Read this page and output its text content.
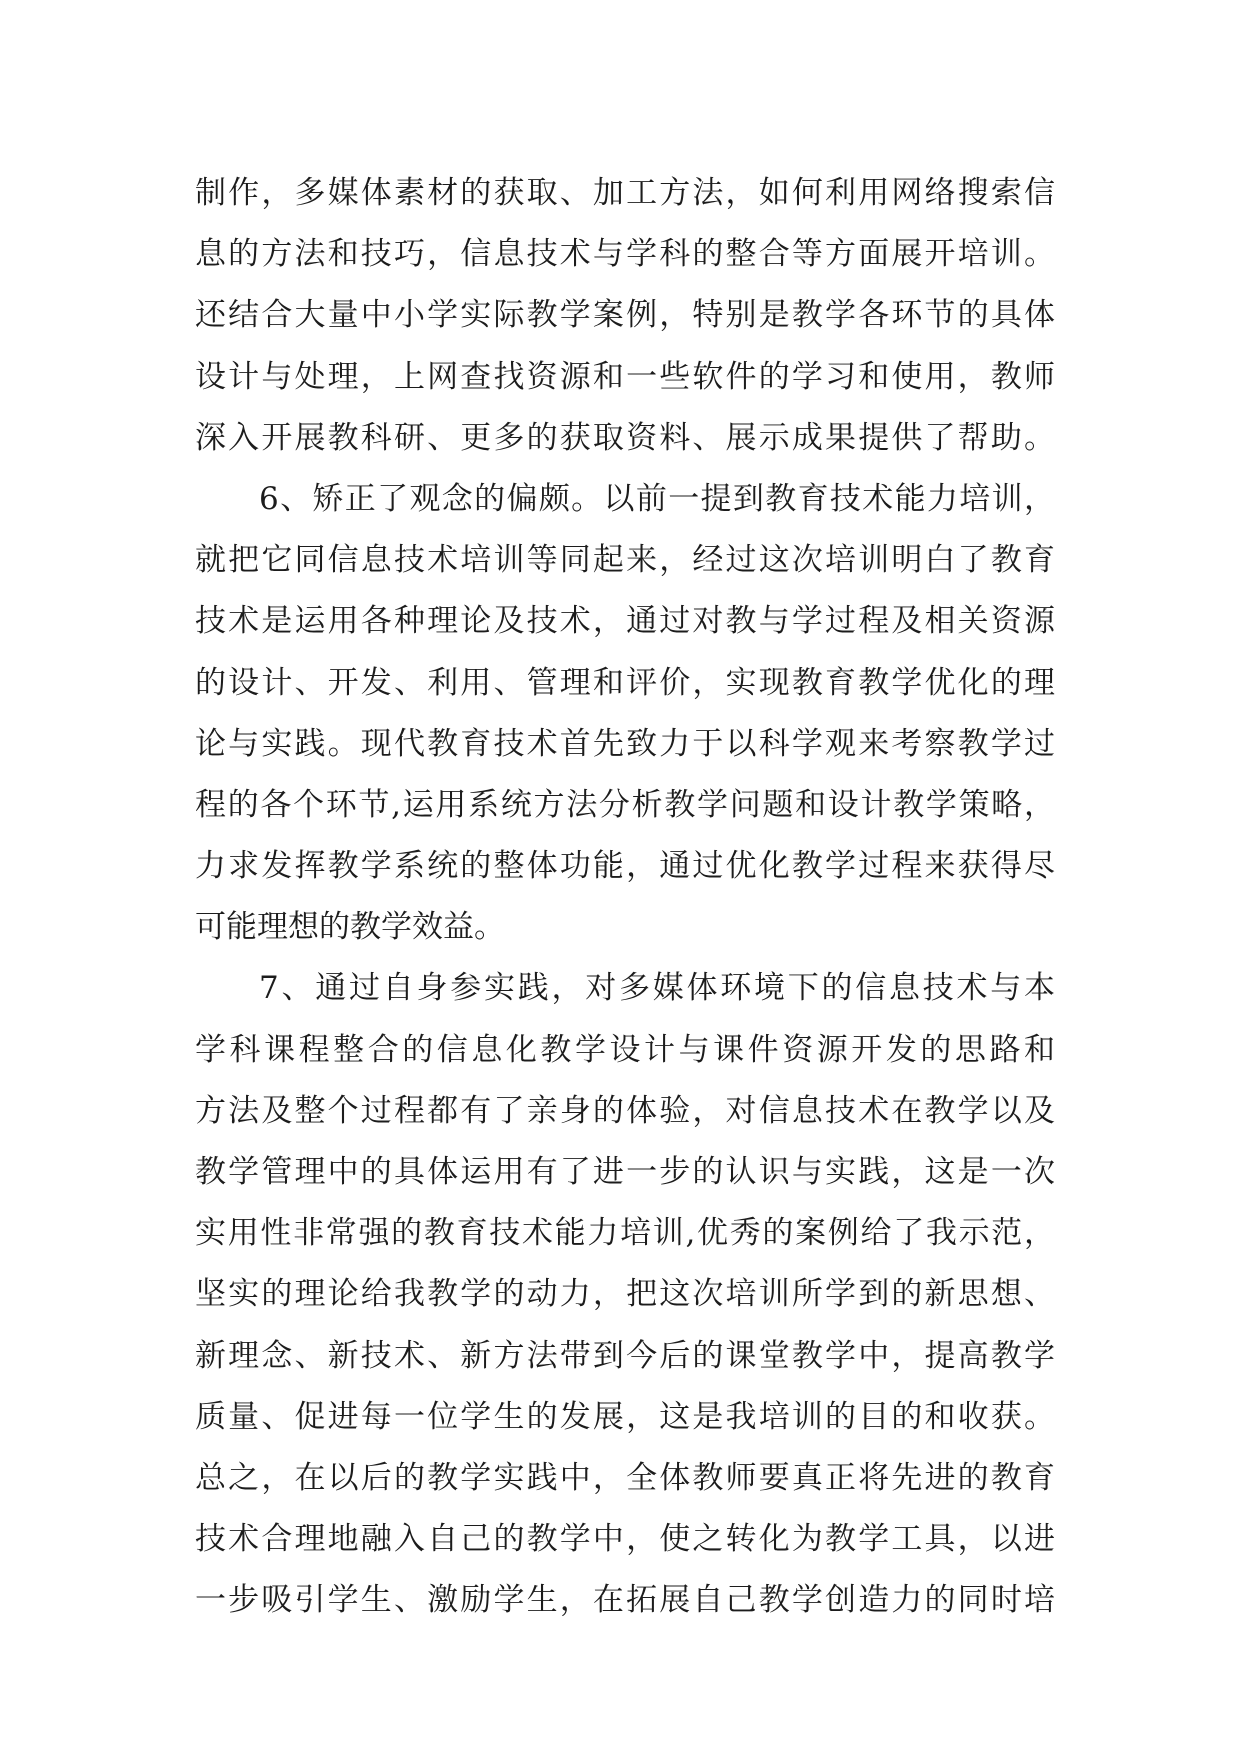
制作，多媒体素材的获取、加工方法，如何利用网络搜索信
息的方法和技巧，信息技术与学科的整合等方面展开培训。
还结合大量中小学实际教学案例，特别是教学各环节的具体
设计与处理，上网查找资源和一些软件的学习和使用，教师
深入开展教科研、更多的获取资料、展示成果提供了帮助。
6、矫正了观念的偏颇。以前一提到教育技术能力培训，
就把它同信息技术培训等同起来，经过这次培训明白了教育
技术是运用各种理论及技术，通过对教与学过程及相关资源
的设计、开发、利用、管理和评价，实现教育教学优化的理
论与实践。现代教育技术首先致力于以科学观来考察教学过
程的各个环节,运用系统方法分析教学问题和设计教学策略，
力求发挥教学系统的整体功能，通过优化教学过程来获得尽
可能理想的教学效益。
7、通过自身参实践，对多媒体环境下的信息技术与本
学科课程整合的信息化教学设计与课件资源开发的思路和
方法及整个过程都有了亲身的体验，对信息技术在教学以及
教学管理中的具体运用有了进一步的认识与实践，这是一次
实用性非常强的教育技术能力培训,优秀的案例给了我示范，
坚实的理论给我教学的动力，把这次培训所学到的新思想、
新理念、新技术、新方法带到今后的课堂教学中，提高教学
质量、促进每一位学生的发展，这是我培训的目的和收获。
总之，在以后的教学实践中，全体教师要真正将先进的教育
技术合理地融入自己的教学中，使之转化为教学工具，以进
一步吸引学生、激励学生，在拓展自己教学创造力的同时培
